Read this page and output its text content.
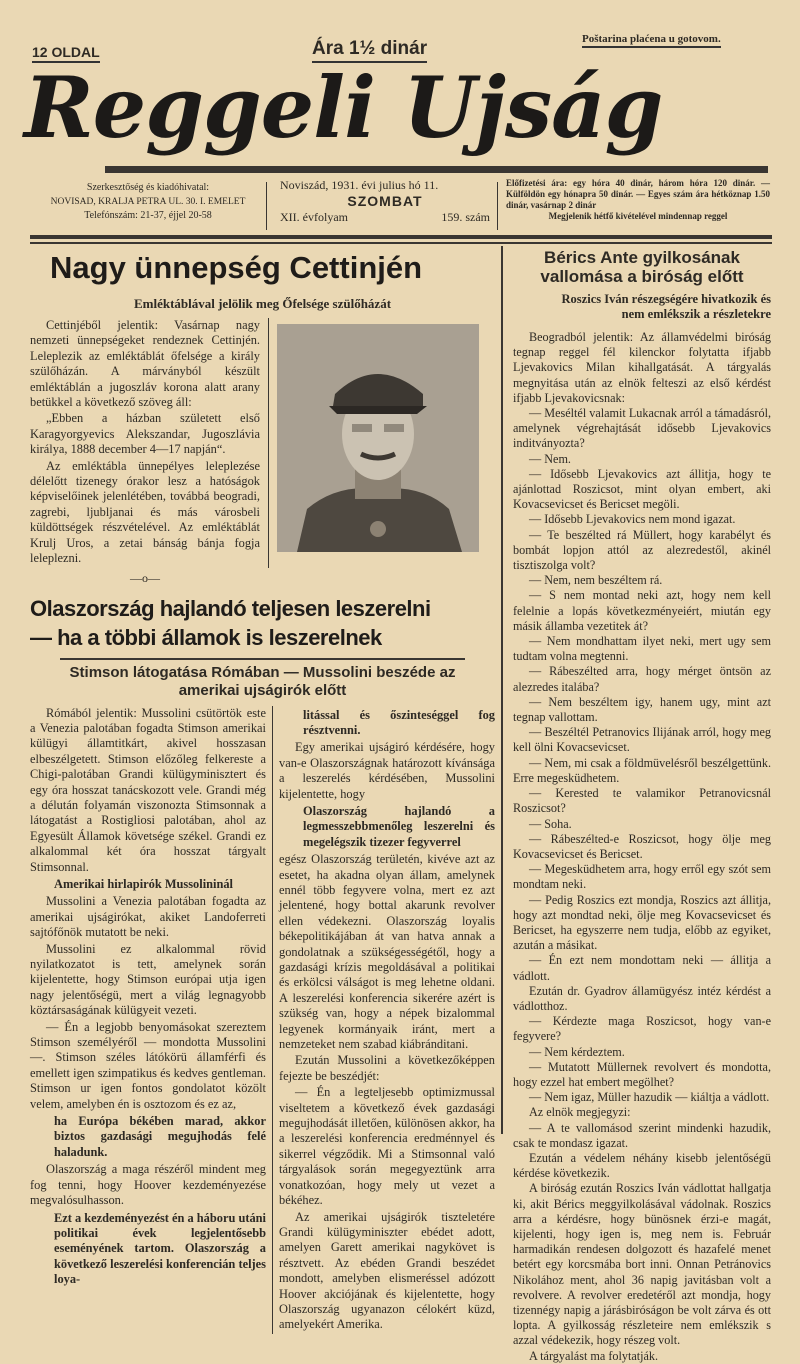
12 OLDAL	Ára 1½ dinár	Poštarina plaćena u gotovom.
Reggeli Ujság
Szerkesztőség és kiadóhivatal:
NOVISAD, KRALJA PETRA UL. 30. I. EMELET
Telefónszám: 21-37, éjjel 20-58
Noviszád, 1931. évi julius hó 11.
SZOMBAT
XII. évfolyam	159. szám
Előfizetési ára: egy hóra 40 dinár, három hóra 120 dinár. — Külföldön egy hónapra 50 dinár. — Egyes szám ára hétköznap 1.50 dinár, vasárnap 2 dinár
Megjelenik hétfő kivételével mindennap reggel
Nagy ünnepség Cettinjén
Emléktáblával jelölik meg Őfelsége szülőházát

Cettinjéből jelentik: Vasárnap nagy nemzeti ünnepségeket rendeznek Cettinjén. Leleplezik az emléktáblát őfelsége a király szülőházán. A márványból készült emléktáblán a jugoszláv korona alatt arany betükkel a következő szöveg áll:

„Ebben a házban született első Karagyorgyevics Alekszandar, Jugoszlávia királya, 1888 december 4—17 napján“.

Az emléktábla ünnepélyes leleplezése délelőtt tizenegy órakor lesz a hatóságok képviselőinek jelenlétében, továbbá beogradi, zagrebi, ljubljanai és más városbeli küldöttségek részvételével. Az emléktáblát Krulj Uros, a zetai bánság bánja fogja leleplezni.

—o—
Olaszország hajlandó teljesen leszerelni
— ha a többi államok is leszerelnek
Stimson látogatása Rómában — Mussolini beszéde az amerikai ujságirók előtt

Rómából jelentik: Mussolini csütörtök este a Venezia palotában fogadta Stimson amerikai külügyi államtitkárt, akivel hosszasan elbeszélgetett. Stimson előzőleg felkereste a Chigi-palotában Grandi külügyminisztert és egy óra hosszat tanácskozott vele. Grandi még a délután folyamán viszonozta Stimsonnak a látogatást a Rostigliosi palotában, ahol az Egyesült Államok követsége székel. Grandi ez alkalommal két óra hosszat tárgyalt Stimsonnal.

Amerikai hirlapirók Mussolininál

Mussolini a Venezia palotában fogadta az amerikai ujságirókat, akiket Landoferreti sajtófőnök mutatott be neki.

Mussolini ez alkalommal rövid nyilatkozatot is tett, amelynek során kijelentette, hogy Stimson európai utja igen nagy jelentőségü, mert a világ legnagyobb köztársaságának külügyeit vezeti.

— Én a legjobb benyomásokat szereztem Stimson személyéről — mondotta Mussolini —. Stimson széles látókörü államférfi és emellett igen szimpatikus és kedves gentleman. Stimson ur igen fontos gondolatot közölt velem, amelyben én is osztozom és ez az,

ha Európa békében marad, akkor biztos gazdasági megujhodás felé haladunk.

Olaszország a maga részéről mindent meg fog tenni, hogy Hoover kezdeményezése megvalósulhasson.

Ezt a kezdeményezést én a háboru utáni politikai évek legjelentősebb eseményének tartom. Olaszország a következő leszerelési konferencián teljes loya-

litással és őszinteséggel fog résztvenni.

Egy amerikai ujságiró kérdésére, hogy van-e Olaszországnak határozott kívánsága a leszerelés kérdésében, Mussolini kijelentette, hogy

Olaszország hajlandó a legmesszebbmenőleg leszerelni és megelégszik tizezer fegyverrel

egész Olaszország területén, kivéve azt az esetet, ha akadna olyan állam, amelynek ennél több fegyvere volna, mert ez azt jelentené, hogy bottal akarunk revolver ellen védekezni. Olaszország loyalis békepolitikájában át van hatva annak a gondolatnak a szükségességétől, hogy a gazdasági krízis megoldásával a politikai és erkölcsi válságot is meg lehetne oldani. A leszerelési konferencia sikerére azért is szükség van, hogy a népek bizalommal legyenek kormányaik iránt, mert a nemzeteket nem szabad kiábránditani.

Ezután Mussolini a következőképpen fejezte be beszédjét:

— Én a legteljesebb optimizmussal viseltetem a következő évek gazdasági megujhodását illetően, különösen akkor, ha a leszerelési konferencia eredménnyel és sikerrel végződik. Mi a Stimsonnal való tárgyalások során megegyeztünk arra vonatkozóan, hogy mely ut vezet a békéhez.

Az amerikai ujságirók tiszteletére Grandi külügyminiszter ebédet adott, amelyen Garett amerikai nagykövet is résztvett. Az ebéden Grandi beszédet mondott, amelyben elismeréssel adózott Hoover akciójának és kijelentette, hogy Olaszország ugyanazon célokért küzd, amelyekért Amerika.

Bérics Ante gyilkosának vallomása a biróság előtt
Roszics Iván részegségére hivatkozik és nem emlékszik a részletekre

Beogradból jelentik: Az államvédelmi biróság tegnap reggel fél kilenckor folytatta ifjabb Ljevakovics Milan kihallgatását. A tárgyalás megnyitása után az elnök felteszi az első kérdést ifjabb Ljevakovicsnak:

— Meséltél valamit Lukacnak arról a támadásról, amelynek végrehajtását idősebb Ljevakovics inditványozta?

— Nem.

— Idősebb Ljevakovics azt állitja, hogy te ajánlottad Roszicsot, mint olyan embert, aki Kovacsevicset és Bericset megöli.

— Idősebb Ljevakovics nem mond igazat.

— Te beszélted rá Müllert, hogy karabélyt és bombát lopjon attól az alezredestől, akinél tisztiszolga volt?

— Nem, nem beszéltem rá.

— S nem montad neki azt, hogy nem kell felelnie a lopás következményeiért, miután egy másik államba vezetitek át?

— Nem mondhattam ilyet neki, mert ugy sem tudtam volna megtenni.

— Rábeszélted arra, hogy mérget öntsön az alezredes italába?

— Nem beszéltem igy, hanem ugy, mint azt tegnap vallottam.

— Beszéltél Petranovics Ilijának arról, hogy meg kell ölni Kovacsevicset.

— Nem, mi csak a földmüvelésről beszélgettünk. Erre megesküdhetem.

— Kerested te valamikor Petranovicsnál Roszicsot?

— Soha.

— Rábeszélted-e Roszicsot, hogy ölje meg Kovacsevicset és Bericset.

— Megesküdhetem arra, hogy erről egy szót sem mondtam neki.

— Pedig Roszics ezt mondja, Roszics azt állitja, hogy azt mondtad neki, ölje meg Kovacsevicset és Bericset, ha egyszerre nem tudja, előbb az egyiket, azután a másikat.

— Én ezt nem mondottam neki — állitja a vádlott.

Ezután dr. Gyadrov államügyész intéz kérdést a vádlotthoz.

— Kérdezte maga Roszicsot, hogy van-e fegyvere?

— Nem kérdeztem.

— Mutatott Müllernek revolvert és mondotta, hogy ezzel hat embert megölhet?

— Nem igaz, Müller hazudik — kiáltja a vádlott.

Az elnök megjegyzi:

— A te vallomásod szerint mindenki hazudik, csak te mondasz igazat.

Ezután a védelem néhány kisebb jelentőségü kérdése következik.

A biróság ezután Roszics Iván vádlottat hallgatja ki, akit Bérics meggyilkolásával vádolnak. Roszics arra a kérdésre, hogy bünösnek érzi-e magát, kijelenti, hogy igen is, meg nem is. Február harmadikán rendesen dolgozott és hazafelé menet betért egy korcsmába bort inni. Onnan Petránovics Nikolához ment, ahol 36 napig javitásban volt a revolvere. A revolver eredetéről azt mondja, hogy tizennégy napig a járásbiróságon be volt zárva és ott lopta. A gyilkosság részleteire nem emlékszik s azzal védekezik, hogy részeg volt.

A tárgyalást ma folytatják.
